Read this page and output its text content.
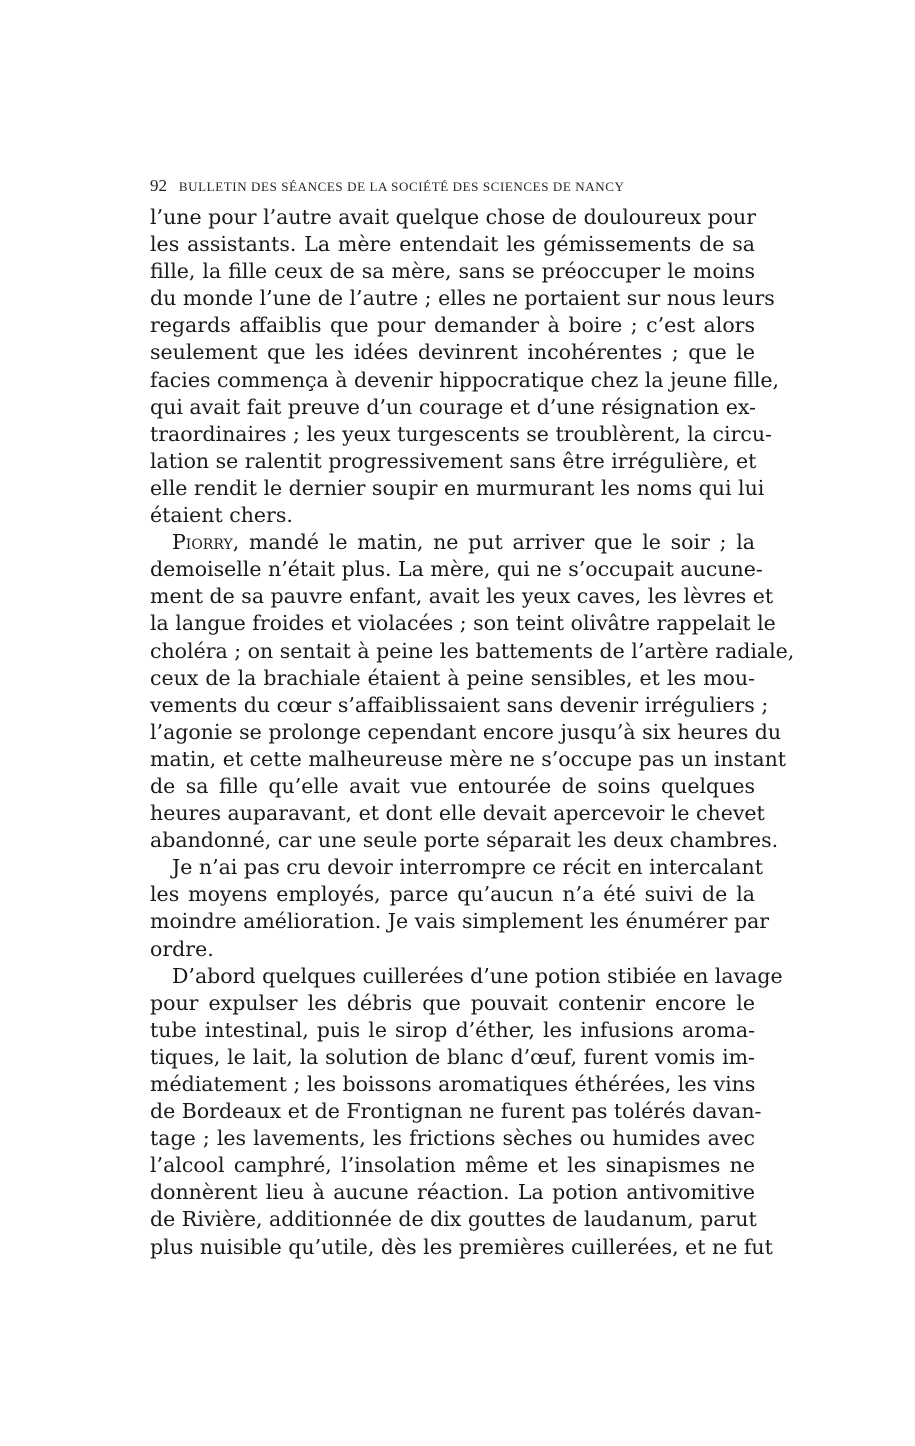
92 BULLETIN DES SÉANCES DE LA SOCIÉTÉ DES SCIENCES DE NANCY
l’une pour l’autre avait quelque chose de douloureux pour
les assistants. La mère entendait les gémissements de sa
fille, la fille ceux de sa mère, sans se préoccuper le moins
du monde l’une de l’autre ; elles ne portaient sur nous leurs
regards affaiblis que pour demander à boire ; c’est alors
seulement que les idées devinrent incohérentes ; que le
facies commença à devenir hippocratique chez la jeune fille,
qui avait fait preuve d’un courage et d’une résignation ex-
traordinaires ; les yeux turgescents se troublèrent, la circu-
lation se ralentit progressivement sans être irrégulière, et
elle rendit le dernier soupir en murmurant les noms qui lui
étaient chers.
Piorry, mandé le matin, ne put arriver que le soir ; la
demoiselle n’était plus. La mère, qui ne s’occupait aucune-
ment de sa pauvre enfant, avait les yeux caves, les lèvres et
la langue froides et violacées ; son teint olivâtre rappelait le
choléra ; on sentait à peine les battements de l’artère radiale,
ceux de la brachiale étaient à peine sensibles, et les mou-
vements du cœur s’affaiblissaient sans devenir irréguliers ;
l’agonie se prolonge cependant encore jusqu’à six heures du
matin, et cette malheureuse mère ne s’occupe pas un instant
de sa fille qu’elle avait vue entourée de soins quelques
heures auparavant, et dont elle devait apercevoir le chevet
abandonné, car une seule porte séparait les deux chambres.
Je n’ai pas cru devoir interrompre ce récit en intercalant
les moyens employés, parce qu’aucun n’a été suivi de la
moindre amélioration. Je vais simplement les énumérer par
ordre.
D’abord quelques cuillerées d’une potion stibiée en lavage
pour expulser les débris que pouvait contenir encore le
tube intestinal, puis le sirop d’éther, les infusions aroma-
tiques, le lait, la solution de blanc d’œuf, furent vomis im-
médiatement ; les boissons aromatiques éthérées, les vins
de Bordeaux et de Frontignan ne furent pas tolérés davan-
tage ; les lavements, les frictions sèches ou humides avec
l’alcool camphré, l’insolation même et les sinapismes ne
donnèrent lieu à aucune réaction. La potion antivomitive
de Rivière, additionnée de dix gouttes de laudanum, parut
plus nuisible qu’utile, dès les premières cuillerées, et ne fut
